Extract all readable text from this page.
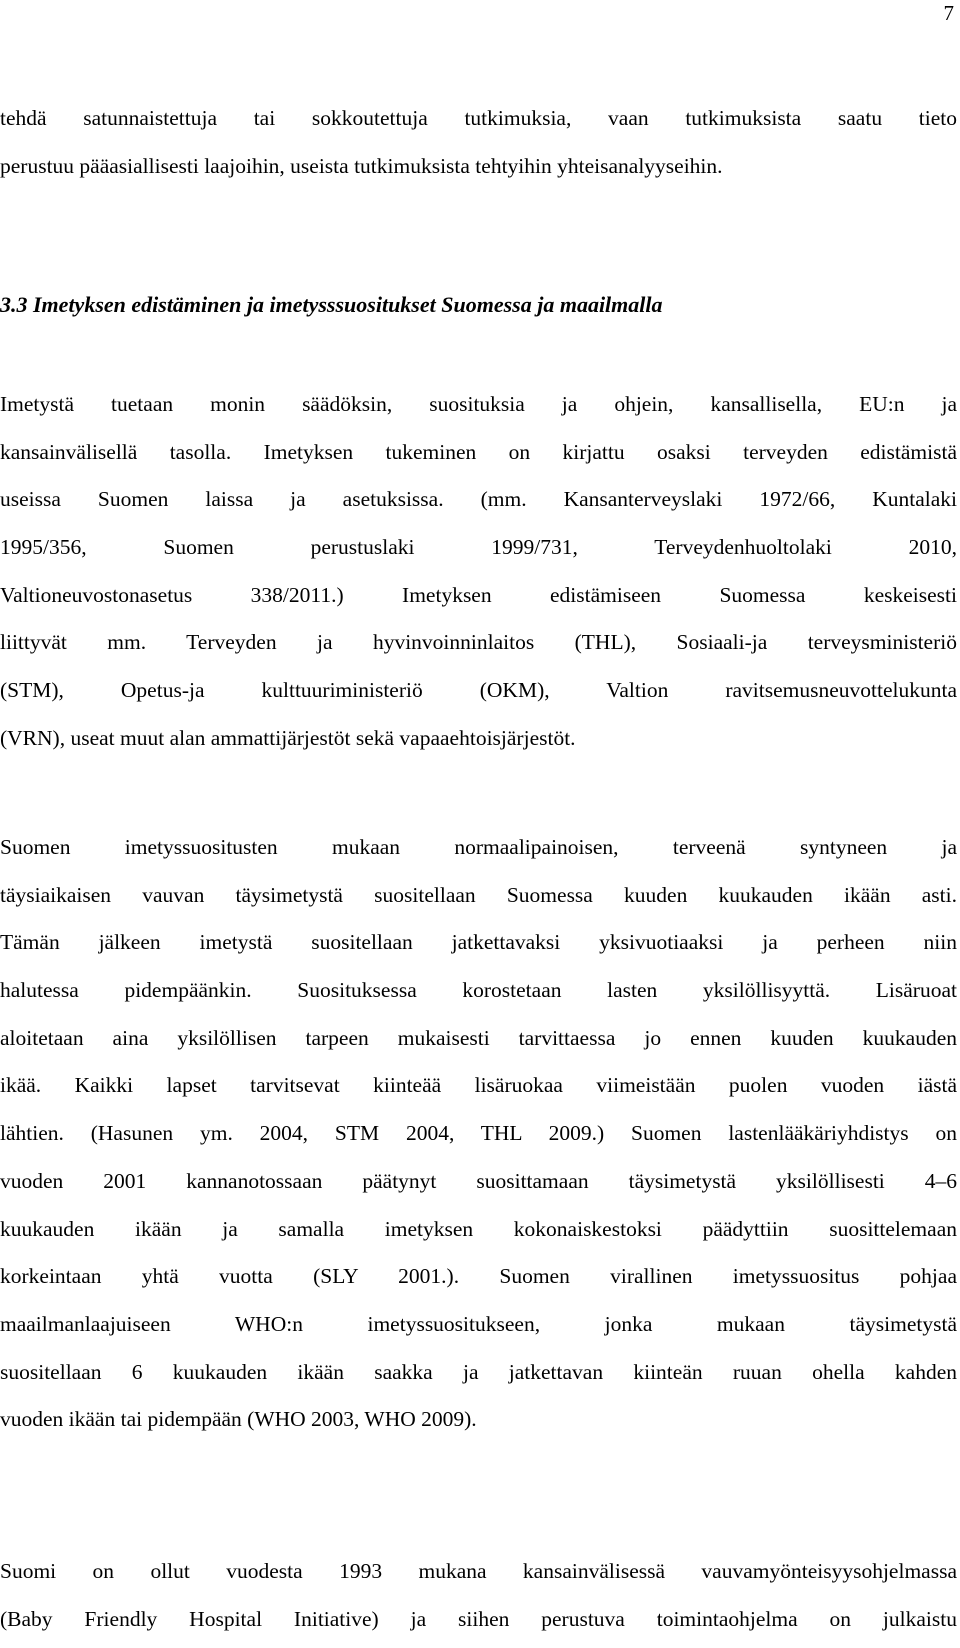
7
tehdä satunnaistettuja tai sokkoutettuja tutkimuksia, vaan tutkimuksista saatu tieto
perustuu pääasiallisesti laajoihin, useista tutkimuksista tehtyihin yhteisanalyyseihin.
3.3 Imetyksen edistäminen ja imetysssuositukset Suomessa ja maailmalla
Imetystä tuetaan monin säädöksin, suosituksia ja ohjein, kansallisella, EU:n ja
kansainvälisellä tasolla. Imetyksen tukeminen on kirjattu osaksi terveyden edistämistä
useissa Suomen laissa ja asetuksissa. (mm. Kansanterveyslaki 1972/66, Kuntalaki
1995/356, Suomen perustuslaki 1999/731, Terveydenhuoltolaki 2010,
Valtioneuvostonasetus 338/2011.) Imetyksen edistämiseen Suomessa keskeisesti
liittyvät mm. Terveyden ja hyvinvoinninlaitos (THL), Sosiaali-ja terveysministeriö
(STM), Opetus-ja kulttuuriministeriö (OKM), Valtion ravitsemusneuvottelukunta
(VRN), useat muut alan ammattijärjestöt sekä vapaaehtoisjärjestöt.
Suomen imetyssuositusten mukaan normaalipainoisen, terveenä syntyneen ja
täysiaikaisen vauvan täysimetystä suositellaan Suomessa kuuden kuukauden ikään asti.
Tämän jälkeen imetystä suositellaan jatkettavaksi yksivuotiaaksi ja perheen niin
halutessa pidempäänkin. Suosituksessa korostetaan lasten yksilöllisyyttä. Lisäruoat
aloitetaan aina yksilöllisen tarpeen mukaisesti tarvittaessa jo ennen kuuden kuukauden
ikää. Kaikki lapset tarvitsevat kiinteää lisäruokaa viimeistään puolen vuoden iästä
lähtien. (Hasunen ym. 2004, STM 2004, THL 2009.) Suomen lastenlääkäriyhdistys on
vuoden 2001 kannanotossaan päätynyt suosittamaan täysimetystä yksilöllisesti 4–6
kuukauden ikään ja samalla imetyksen kokonaiskestoksi päädyttiin suosittelemaan
korkeintaan yhtä vuotta (SLY 2001.). Suomen virallinen imetyssuositus pohjaa
maailmanlaajuiseen WHO:n imetyssuositukseen, jonka mukaan täysimetystä
suositellaan 6 kuukauden ikään saakka ja jatkettavan kiinteän ruuan ohella kahden
vuoden ikään tai pidempään (WHO 2003, WHO 2009).
Suomi on ollut vuodesta 1993 mukana kansainvälisessä vauvamyönteisyysohjelmassa
(Baby Friendly Hospital Initiative) ja siihen perustuva toimintaohjelma on julkaistu
